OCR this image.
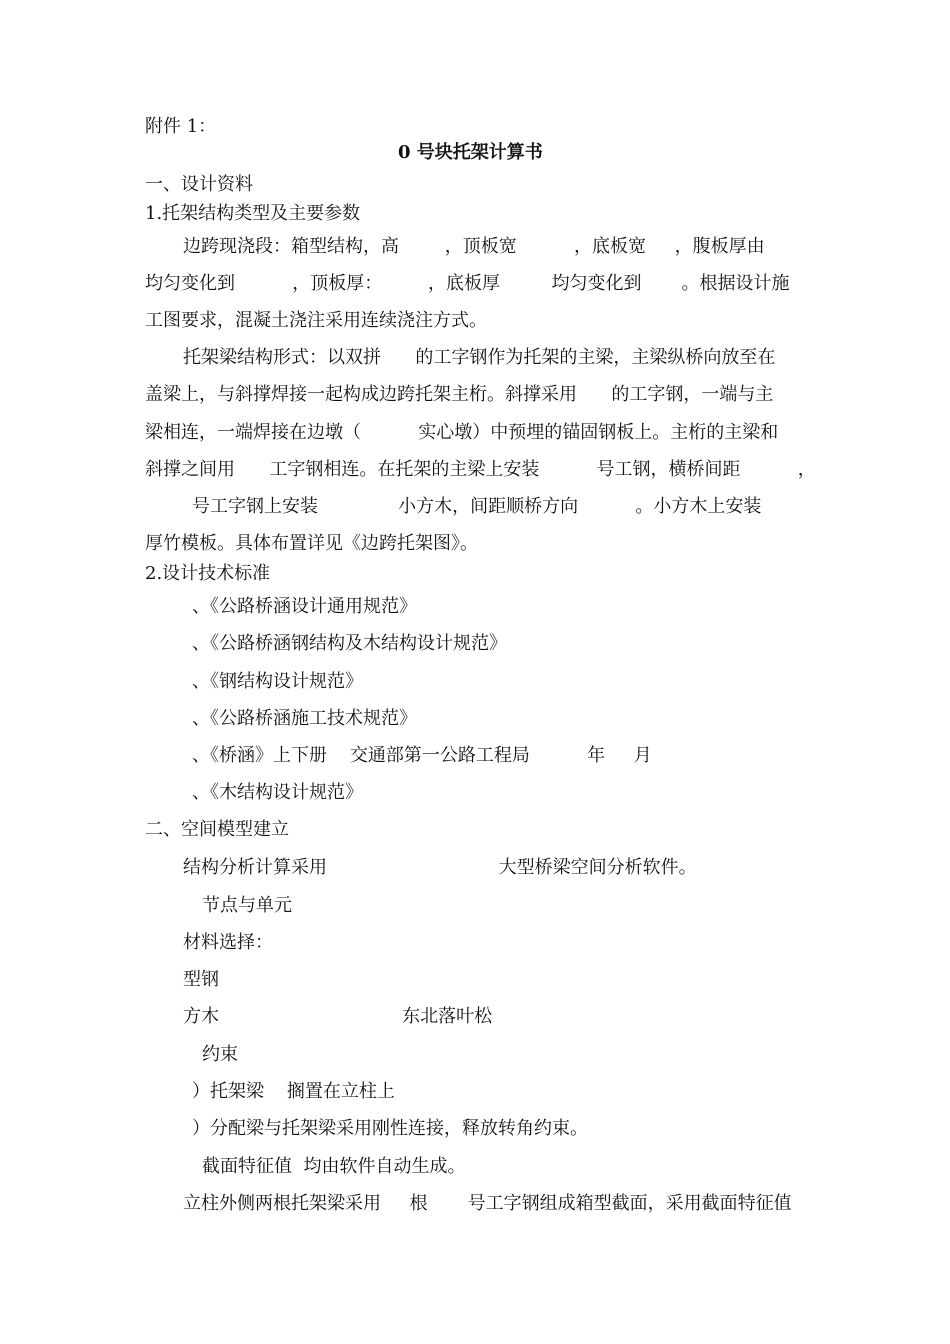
附件 1：

0 号块托架计算书

一、设计资料

1.托架结构类型及主要参数

边跨现浇段：箱型结构，高        ，顶板宽          ，底板宽     ，腹板厚由

均匀变化到          ，顶板厚：        ，底板厚         均匀变化到       。根据设计施

工图要求，混凝土浇注采用连续浇注方式。

托架梁结构形式：以双拼      的工字钢作为托架的主梁，主梁纵桥向放至在

盖梁上，与斜撑焊接一起构成边跨托架主桁。斜撑采用      的工字钢，一端与主

梁相连，一端焊接在边墩（          实心墩）中预埋的锚固钢板上。主桁的主梁和

斜撑之间用      工字钢相连。在托架的主梁上安装          号工钢，横桥间距          ，

号工字钢上安装              小方木，间距顺桥方向          。小方木上安装

厚竹模板。具体布置详见《边跨托架图》。

2.设计技术标准

、《公路桥涵设计通用规范》

、《公路桥涵钢结构及木结构设计规范》

、《钢结构设计规范》

、《公路桥涵施工技术规范》

、《桥涵》上下册    交通部第一公路工程局          年     月

、《木结构设计规范》

二、空间模型建立

结构分析计算采用                              大型桥梁空间分析软件。

节点与单元

材料选择：

型钢

方木                                东北落叶松

约束

）托架梁    搁置在立柱上

）分配梁与托架梁采用刚性连接，释放转角约束。

截面特征值  均由软件自动生成。

立柱外侧两根托架梁采用     根       号工字钢组成箱型截面，采用截面特征值
